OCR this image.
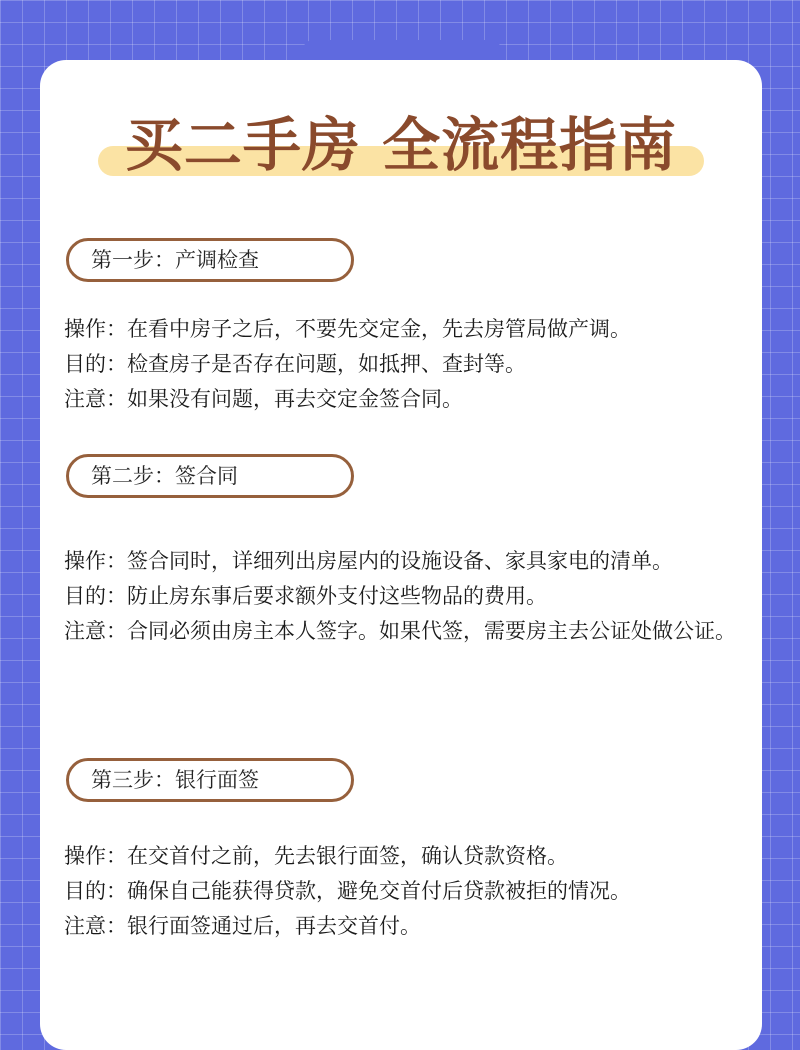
买二手房 全流程指南
第一步：产调检查

操作：在看中房子之后，不要先交定金，先去房管局做产调。

目的：检查房子是否存在问题，如抵押、查封等。

注意：如果没有问题，再去交定金签合同。

第二步：签合同

操作：签合同时，详细列出房屋内的设施设备、家具家电的清单。

目的：防止房东事后要求额外支付这些物品的费用。

注意：合同必须由房主本人签字。如果代签，需要房主去公证处做公证。

第三步：银行面签

操作：在交首付之前，先去银行面签，确认贷款资格。

目的：确保自己能获得贷款，避免交首付后贷款被拒的情况。

注意：银行面签通过后，再去交首付。
